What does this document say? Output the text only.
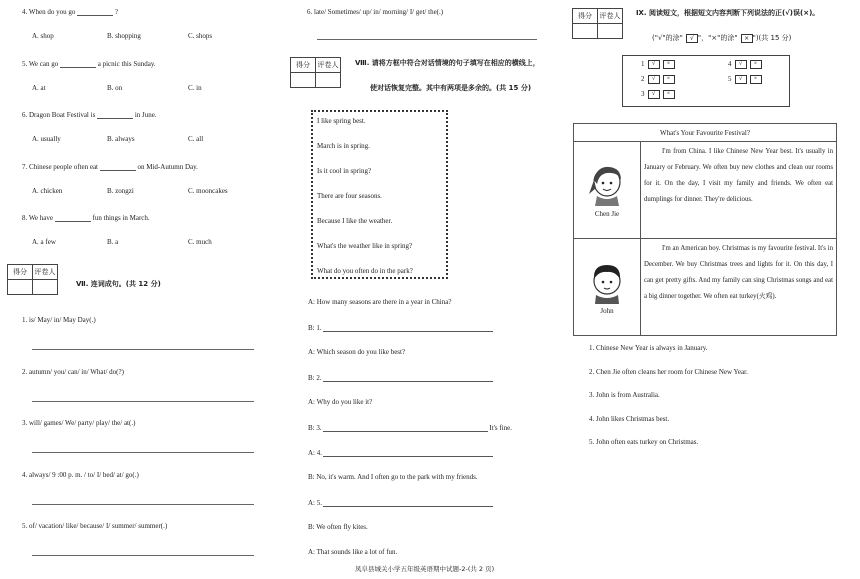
4. When do you go	?
A. shop	B. shopping	C. shops
5. We can go	a picnic this Sunday.
A. at	B. on	C. in
6. Dragon Boat Festival is	in June.
A. usually	B. always	C. all
7. Chinese people often eat	on Mid-Autumn Day.
A. chicken	B. zongzi	C. mooncakes
8. We have	fun things in March.
A. a few	B. a	C. much
得分	评卷人

Ⅶ. 连词成句。(共 12 分)
1. is/ May/ in/ May Day(.)
2. autumn/ you/ can/ in/ What/ do(?)
3. will/ games/ We/ party/ play/ the/ at(.)
4. always/ 9 :00 p. m. / to/ I/ bed/ at/ go(.)
5. of/ vacation/ like/ because/ I/ summer/ summer(.)
6. late/ Sometimes/ up/ in/ morning/ I/ get/ the(.)
得分	评卷人
	Ⅷ. 请将方框中符合对话情境的句子填写在相应的横线上，
使对话恢复完整。其中有两项是多余的。(共 15 分)
I like spring best.
March is in spring.
Is it cool in spring?
There are four seasons.
Because I like the weather.
What's the weather like in spring?
What do you often do in the park?
A: How many seasons are there in a year in China?
B: 1.
A: Which season do you like best?
B: 2.
A: Why do you like it?
B: 3.	It's fine.
A: 4.
B: No, it's warm. And I often go to the park with my friends.
A: 5.
B: We often fly kites.
A: That sounds like a lot of fun.
得分	评卷人
	Ⅸ. 阅读短文，根据短文内容判断下列说法的正(√)误(×)。
("√"的涂" √ "，"×"的涂" × ")(共 15 分)
1 √ ×	4 √ ×
2 √ ×	5 √ ×
3 √ ×
What's Your Favourite Festival?	

Chen Jie	I'm from China. I like Chinese New Year best. It's usually in January or February. We often buy new clothes and clean our rooms for it. On the day, I visit my family and friends. We often eat dumplings for dinner. They're delicious.

John	I'm an American boy. Christmas is my favourite festival. It's in December. We buy Christmas trees and lights for it. On this day, I can get pretty gifts. And my family can sing Christmas songs and eat a big dinner together. We often eat turkey(火鸡).
1. Chinese New Year is always in January.
2. Chen Jie often cleans her room for Chinese New Year.
3. John is from Australia.
4. John likes Christmas best.
5. John often eats turkey on Christmas.
凤阜县城关小学五年级英语期中试题-2-(共 2 页)
